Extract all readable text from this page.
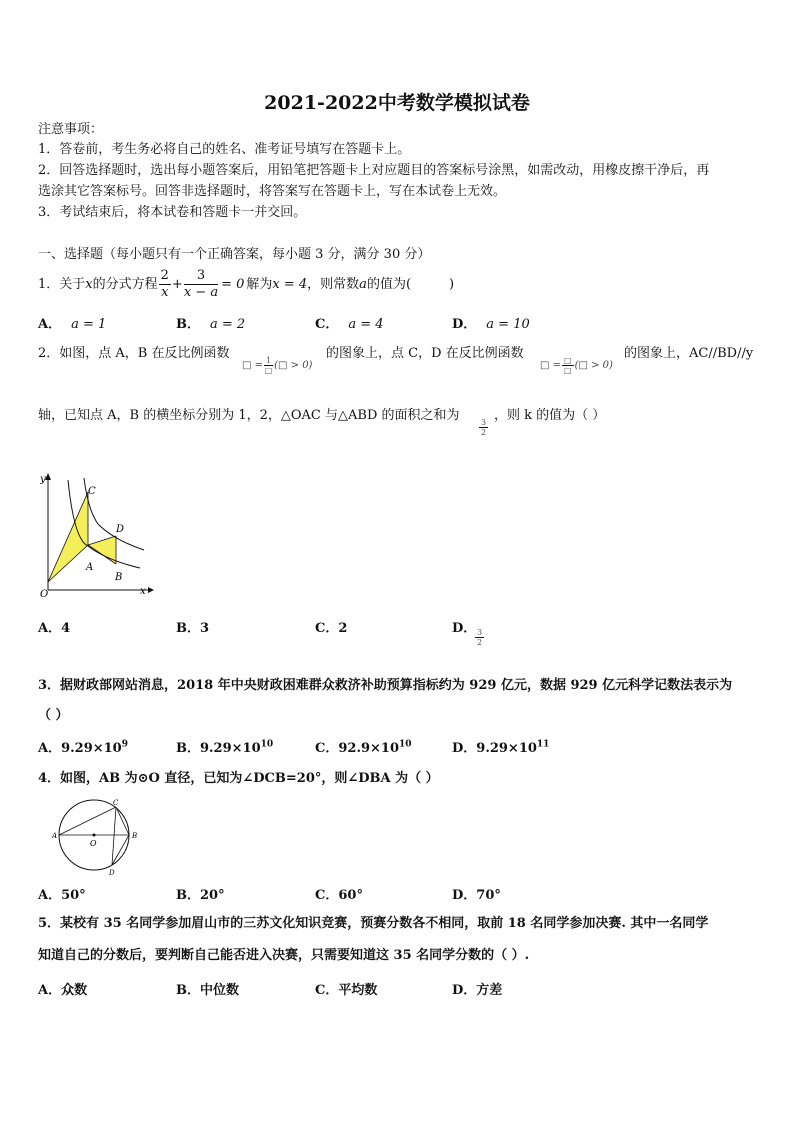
2021-2022中考数学模拟试卷
注意事项：
1．答卷前，考生务必将自己的姓名、准考证号填写在答题卡上。
2．回答选择题时，选出每小题答案后，用铅笔把答题卡上对应题目的答案标号涂黑，如需改动，用橡皮擦干净后，再
选涂其它答案标号。回答非选择题时，将答案写在答题卡上，写在本试卷上无效。
3．考试结束后，将本试卷和答题卡一并交回。
一、选择题（每小题只有一个正确答案，每小题 3 分，满分 30 分）
1．关于 x 的分式方程 $\frac{2}{x} + \frac{3}{x - a} = 0$ 解为 x = 4 ，则常数 a 的值为(	)
A． a = 1	B． a = 2	C． a = 4	D． a = 10
2．如图，点 A，B 在反比例函数	的图象上，点 C，D 在反比例函数	的图象上，AC//BD//y
□ = $\frac{1}{□}$ (□ > 0)	□ = $\frac{□}{□}$ (□ > 0)
轴，已知点 A，B 的横坐标分别为 1，2，△OAC 与△ABD 的面积之和为
$\frac{3}{2}$
，则 k 的值为（ ）
y
x
O
A
B
C
D
A．4	B．3	C．2	D．
$\frac{3}{2}$
3．据财政部网站消息，2018 年中央财政困难群众救济补助预算指标约为 929 亿元，数据 929 亿元科学记数法表示为
（ ）
A．$9.29\times 10^9$	B．$9.29\times 10^{10}$	C．$92.9\times 10^{10}$	D．$9.29\times 10^{11}$
4．如图，AB 为⊙O 直径，已知为∠DCB=20°，则∠DBA 为（ ）
O
A	B
C
D
A．50°	B．20°	C．60°	D．70°
5．某校有 35 名同学参加眉山市的三苏文化知识竞赛，预赛分数各不相同，取前 18 名同学参加决赛. 其中一名同学
知道自己的分数后，要判断自己能否进入决赛，只需要知道这 35 名同学分数的（ ）.
A．众数	B．中位数	C．平均数	D．方差
